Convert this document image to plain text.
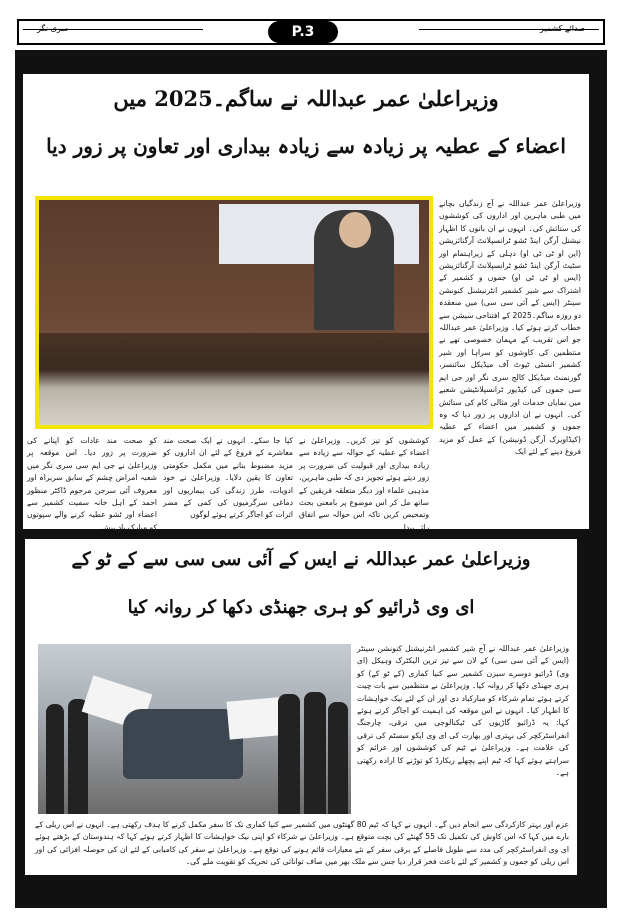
صدائے کشمیر
سری نگر	P.3
وزیراعلیٰ عمر عبداللہ نے ساگم۔2025 میں
اعضاء کے عطیہ پر زیادہ سے زیادہ بیداری اور تعاون پر زور دیا
وزیراعلیٰ عمر عبداللہ نے آج زندگیاں بچانے میں طبی ماہرین اور اداروں کی کوششوں کی ستائش کی۔ انہوں نے ان باتوں کا اظہار نیشنل آرگن اینڈ ٹشو ٹرانسپلانٹ آرگنائزیشن (این او ٹی ٹی او) دہلی کے زیراہتمام اور سٹیٹ آرگن اینڈ ٹشو ٹرانسپلانٹ آرگنائزیشن (ایس او ٹی ٹی او) جموں و کشمیر کے اشتراک سے شیر کشمیر انٹرنیشنل کنونشن سینٹر (ایس کے آئی سی سی) میں منعقدہ دو روزہ ساگم۔2025 کے افتتاحی سیشن سے خطاب کرتے ہوئے کیا۔ وزیراعلیٰ عمر عبداللہ جو اس تقریب کے مہمان خصوصی تھے نے منتظمین کی کاوشوں کو سراہا اور شیر کشمیر انسٹی ٹیوٹ آف میڈیکل سائنسز، گورنمنٹ میڈیکل کالج سری نگر اور جی ایم سی جموں کی کیڈیور ٹرانسپلانٹیشن شعبے میں نمایاں خدمات اور مثالی کام کی ستائش کی۔ انہوں نے ان اداروں پر زور دیا کہ وہ جموں و کشمیر میں اعضاء کے عطیہ (کیڈاویرک آرگن ڈونیشن) کے عمل کو مزید فروغ دینے کے لئے ایک
کوششوں کو تیز کریں۔ وزیراعلیٰ نے اعضاء کے عطیہ کے حوالہ سے زیادہ سے زیادہ بیداری اور قبولیت کی ضرورت پر زور دیتے ہوئے تجویز دی کہ طبی ماہرین، مذہبی علماء اور دیگر متعلقہ فریقین کے ساتھ مل کر اس موضوع پر بامعنی بحث وتمحیص کریں تاکہ اس حوالہ سے اتفاق رائے پیدا
کیا جا سکے۔ انہوں نے ایک صحت مند معاشرے کے فروغ کے لئے ان اداروں کو مزید مضبوط بنانے میں مکمل حکومتی تعاون کا یقین دلایا۔ وزیراعلیٰ نے خود ادویات، طرز زندگی کی بیماریوں اور دماغی سرگرمیوں کی کمی کے مضر اثرات کو اجاگر کرتے ہوئے لوگوں
کو صحت مند عادات کو اپنانے کی ضرورت پر زور دیا۔ اس موقعہ پر وزیراعلیٰ نے جی ایم سی سری نگر میں شعبہ امراض چشم کے سابق سربراہ اور معروف آئی سرجن مرحوم ڈاکٹر منظور احمد کے اہل خانہ سمیت کشمیر سے اعضاء اور ٹشو عطیہ کرنے والے سپوتوں کو مبارک باد پیش
وزیراعلیٰ عمر عبداللہ نے ایس کے آئی سی سی سے کے ٹو کے
ای وی ڈرائیو کو ہری جھنڈی دکھا کر روانہ کیا
وزیراعلیٰ عمر عبداللہ نے آج شیر کشمیر انٹرنیشنل کنونشن سینٹر (ایس کے آئی سی سی) کے لان سے تیز ترین الیکٹرک وہیکل (ای وی) ڈرائیو دوسرے سیزن کشمیر سے کنیا کماری (کے ٹو کے) کو ہری جھنڈی دکھا کر روانہ کیا۔ وزیراعلیٰ نے منتظمین سے بات چیت کرتے ہوئے تمام شرکاء کو مبارکباد دی اور ان کے لئے نیک خواہشات کا اظہار کیا۔ انہوں نے اس موقعہ کی اہمیت کو اجاگر کرتے ہوئے کہا: یہ ڈرائیو گاڑیوں کی ٹیکنالوجی میں ترقی، چارجنگ انفراسٹرکچر کی بہتری اور بھارت کی ای وی ایکو سسٹم کی ترقی کی علامت ہے۔ وزیراعلیٰ نے ٹیم کی کوششوں اور عزائم کو سراہتے ہوئے کہا کہ ٹیم اپنے پچھلے ریکارڈ کو توڑنے کا ارادہ رکھتی ہے۔
عزم اور بہتر کارکردگی سے انجام دیں گے۔ انہوں نے کہا کہ ٹیم 80 گھنٹوں میں کشمیر سے کنیا کماری تک کا سفر مکمل کرنے کا ہدف رکھتی ہے۔ انہوں نے اس ریلی کے بارے میں کہا کہ اس کاوش کی تکمیل تک 55 گھنٹے کی بچت متوقع ہے۔ وزیراعلیٰ نے شرکاء کو اپنی نیک خواہشات کا اظہار کرتے ہوئے کہا کہ ہندوستان کے بڑھتے ہوئے ای وی انفراسٹرکچر کی مدد سے طویل فاصلے کے برقی سفر کے نئے معیارات قائم ہونے کی توقع ہے۔ وزیراعلیٰ نے سفر کی کامیابی کے لئے ان کی حوصلہ افزائی کی اور اس ریلی کو جموں و کشمیر کے لئے باعث فخر قرار دیا جس سے ملک بھر میں صاف توانائی کی تحریک کو تقویت ملے گی۔
